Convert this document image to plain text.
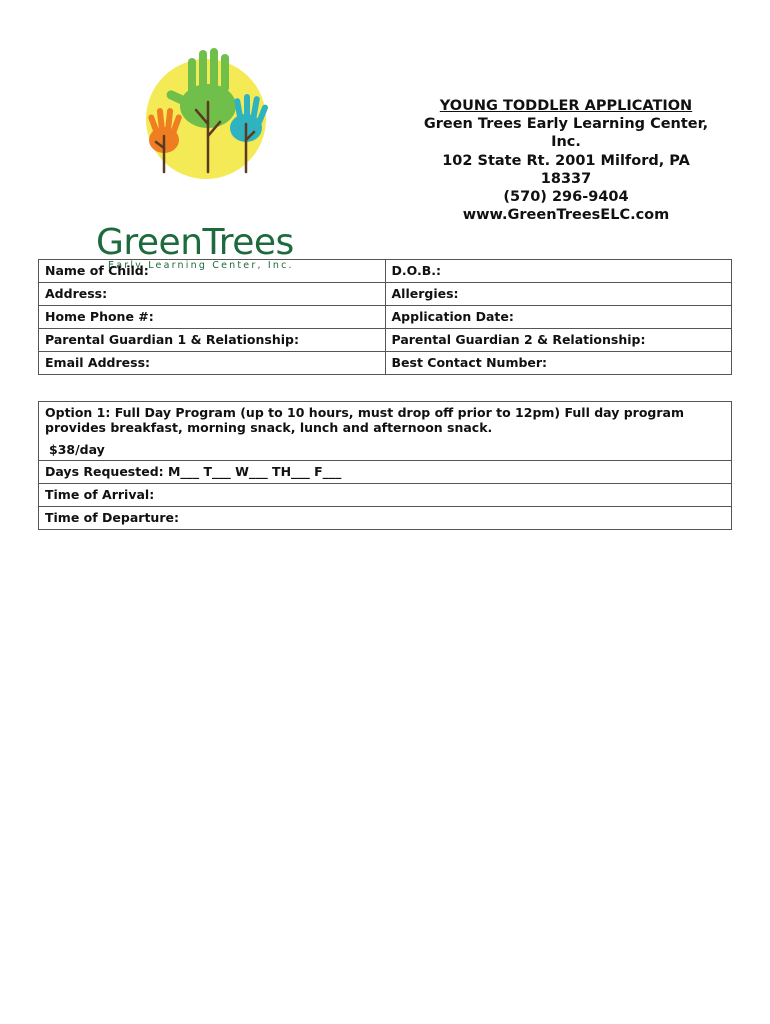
GreenTrees
Early Learning Center, Inc.
YOUNG TODDLER APPLICATION
Green Trees Early Learning Center,
Inc.
102 State Rt. 2001 Milford, PA
18337
(570) 296-9404
www.GreenTreesELC.com
Name of Child:	D.O.B.:
Address:	Allergies:
Home Phone #:	Application Date:
Parental Guardian 1 & Relationship:	Parental Guardian 2 & Relationship:
Email Address:	Best Contact Number:
Option 1: Full Day Program (up to 10 hours, must drop off prior to 12pm) Full day program provides breakfast, morning snack, lunch and afternoon snack.
$38/day

Days Requested: M___ T___ W___ TH___ F___
Time of Arrival:
Time of Departure:
